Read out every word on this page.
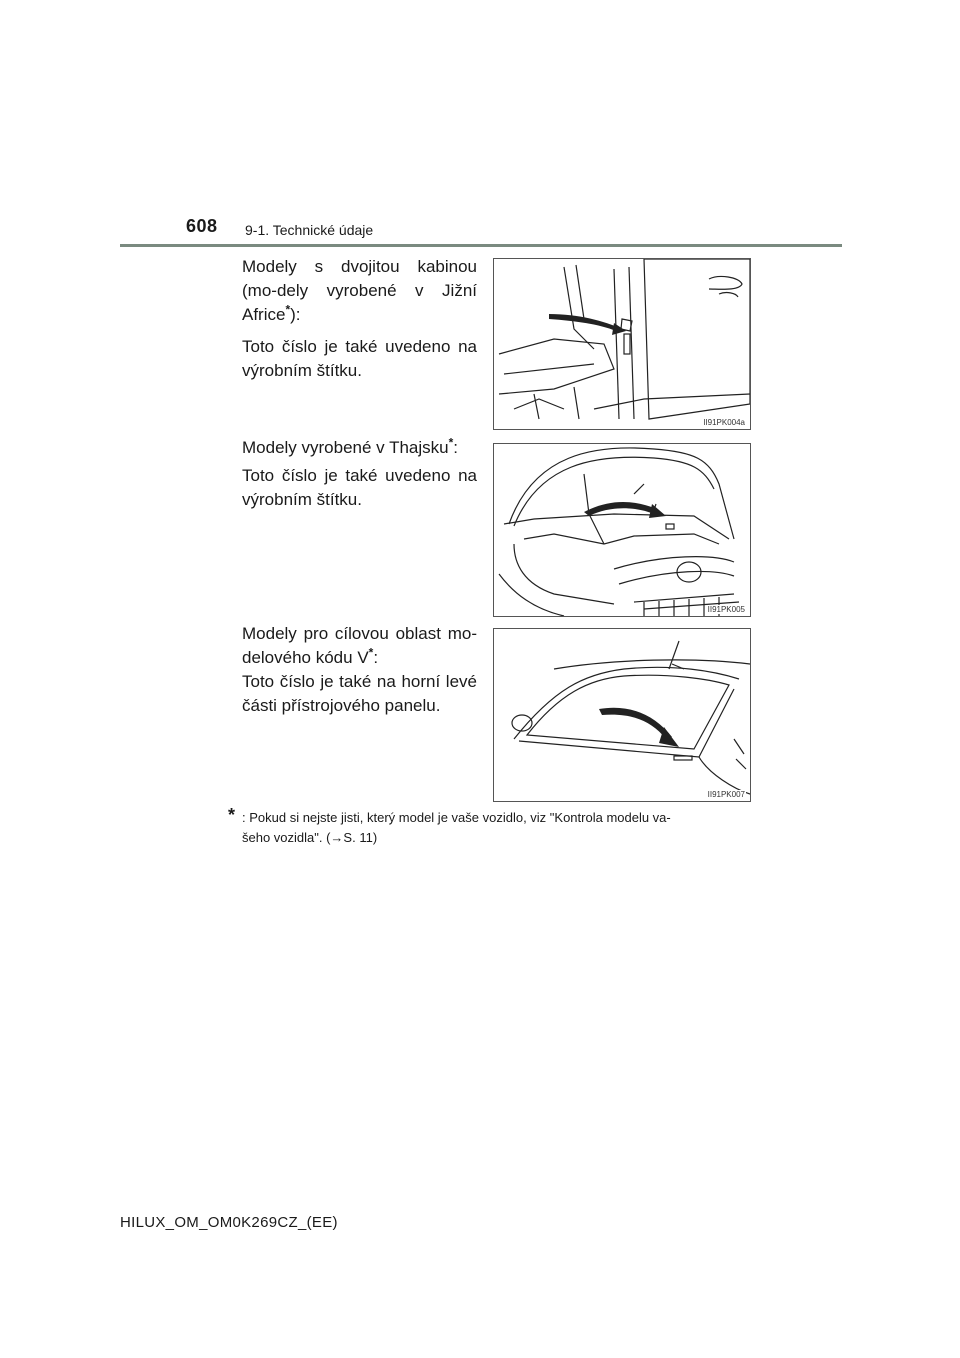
608 9-1. Technické údaje

Modely s dvojitou kabinou (mo-dely vyrobené v Jižní Africe*):

Toto číslo je také uvedeno na výrobním štítku.

II91PK004a

Modely vyrobené v Thajsku*:

Toto číslo je také uvedeno na výrobním štítku.

II91PK005

Modely pro cílovou oblast mo-delového kódu V*:

Toto číslo je také na horní levé části přístrojového panelu.

II91PK007
* : Pokud si nejste jisti, který model je vaše vozidlo, viz "Kontrola modelu va-
šeho vozidla". (→S. 11)
HILUX_OM_OM0K269CZ_(EE)
